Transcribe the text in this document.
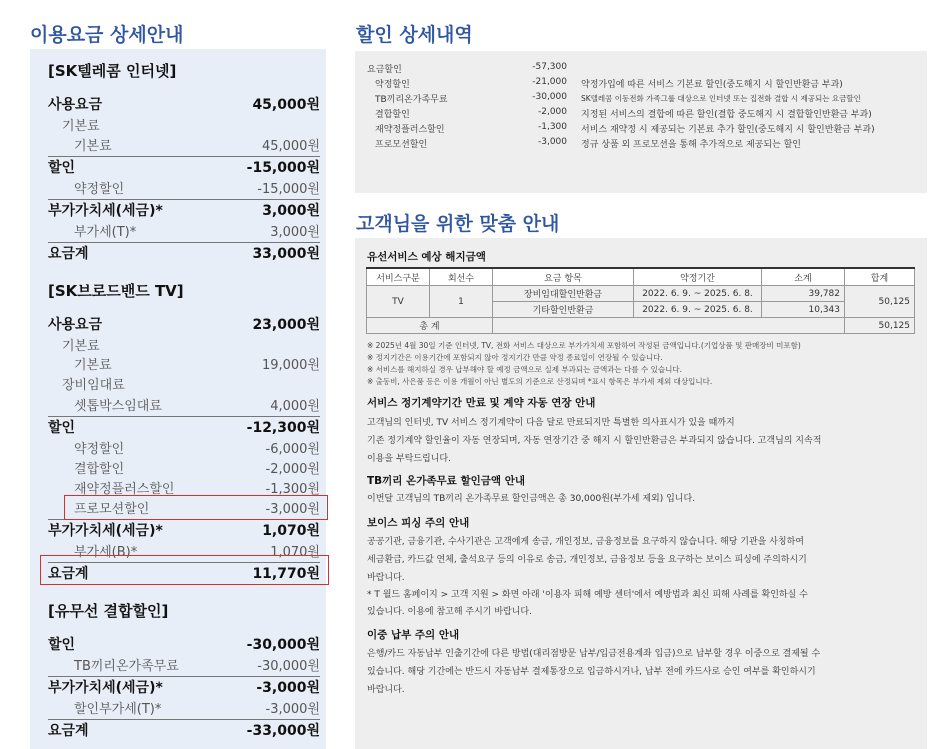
이용요금 상세안내	할인 상세내역
고객님을 위한 맞춤 안내
[SK텔레콤 인터넷]
사용요금	45,000원
기본료
기본료	45,000원
할인	-15,000원
약정할인	-15,000원
부가가치세(세금)*	3,000원
부가세(T)*	3,000원
요금계	33,000원
[SK브로드밴드 TV]
사용요금	23,000원
기본료
기본료	19,000원
장비임대료
셋톱박스임대료	4,000원
할인	-12,300원
약정할인	-6,000원
결합할인	-2,000원
재약정플러스할인	-1,300원
프로모션할인	-3,000원
부가가치세(세금)*	1,070원
부가세(B)*	1,070원
요금계	11,770원
[유무선 결합할인]
할인	-30,000원
TB끼리온가족무료	-30,000원
부가가치세(세금)*	-3,000원
할인부가세(T)*	-3,000원
요금계	-33,000원
요금할인	-57,300
약정할인	-21,000 약정가입에 따른 서비스 기본료 할인(중도해지 시 할인반환금 부과)
TB끼리온가족무료	-30,000 SK텔레콤 이동전화 가족그룹 대상으로 인터넷 또는 집전화 결합 시 제공되는 요금할인
결합할인	-2,000 지정된 서비스의 결합에 따른 할인(결합 중도해지 시 결합할인반환금 부과)
재약정플러스할인	-1,300 서비스 재약정 시 제공되는 기본료 추가 할인(중도해지 시 할인반환금 부과)
프로모션할인	-3,000 정규 상품 외 프로모션을 통해 추가적으로 제공되는 할인
유선서비스 예상 해지금액
서비스구분	회선수	요금 항목	약정기간	소계	합계
TV	1	장비임대할인반환금	2022. 6. 9. ~ 2025. 6. 8.	39,782	50,125
		기타할인반환금	2022. 6. 9. ~ 2025. 6. 8.	10,343	
총 계					50,125
※ 2025년 4월 30일 기준 인터넷, TV, 전화 서비스 대상으로 부가가치세 포함하여 작성된 금액입니다.(기업상품 및 판매장비 미포함)
※ 정지기간은 이용기간에 포함되지 않아 정지기간 만큼 약정 종료일이 연장될 수 있습니다.
※ 서비스를 해지하실 경우 납부해야 할 예정 금액으로 실제 부과되는 금액과는 다를 수 있습니다.
※ 출동비, 사은품 등은 이용 개월이 아닌 별도의 기준으로 산정되며 *표시 항목은 부가세 제외 대상입니다.
서비스 정기계약기간 만료 및 계약 자동 연장 안내
고객님의 인터넷, TV 서비스 정기계약이 다음 달로 만료되지만 특별한 의사표시가 있을 때까지
기존 정기계약 할인율이 자동 연장되며, 자동 연장기간 중 해지 시 할인반환금은 부과되지 않습니다. 고객님의 지속적
이용을 부탁드립니다.
TB끼리 온가족무료 할인금액 안내
이번달 고객님의 TB끼리 온가족무료 할인금액은 총 30,000원(부가세 제외) 입니다.
보이스 피싱 주의 안내
공공기관, 금융기관, 수사기관은 고객에게 송금, 개인정보, 금융정보를 요구하지 않습니다. 해당 기관을 사칭하여
세금환급, 카드값 연체, 출석요구 등의 이유로 송금, 개인정보, 금융정보 등을 요구하는 보이스 피싱에 주의하시기
바랍니다.
* T 월드 홈페이지 > 고객 지원 > 화면 아래 '이용자 피해 예방 센터'에서 예방법과 최신 피해 사례를 확인하실 수
있습니다. 이용에 참고해 주시기 바랍니다.
이중 납부 주의 안내
은행/카드 자동납부 인출기간에 다른 방법(대리점방문 납부/입금전용계좌 입금)으로 납부할 경우 이중으로 결제될 수
있습니다. 해당 기간에는 반드시 자동납부 결제통장으로 입금하시거나, 납부 전에 카드사로 승인 여부를 확인하시기
바랍니다.
